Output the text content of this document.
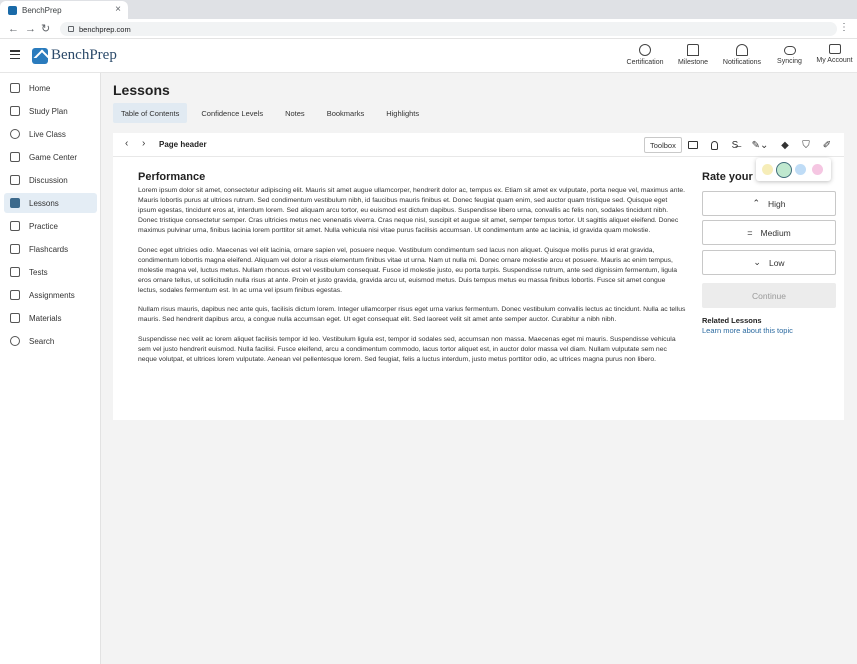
BenchPrep	×
← → ↻	benchprep.com	⋮
BenchPrep	Certification Milestone Notifications Syncing My Account
Home
Study Plan
Live Class
Game Center
Discussion
Lessons
Practice
Flashcards
Tests
Assignments
Materials
Search
Lessons
Table of Contents	Confidence Levels	Notes	Bookmarks	Highlights
‹ › Page header	Toolbox	S̶	✎⌄	◆	⛉	✐
Performance

Lorem ipsum dolor sit amet, consectetur adipiscing elit. Mauris sit amet augue ullamcorper, hendrerit dolor ac, tempus ex. Etiam sit amet ex vulputate, porta neque vel, maximus ante. Mauris lobortis purus at ultrices rutrum. Sed condimentum vestibulum nibh, id faucibus mauris finibus et. Donec feugiat quam enim, sed auctor quam tristique sed. Quisque eget ipsum egestas, tincidunt eros at, interdum lorem. Sed aliquam arcu tortor, eu euismod est dictum dapibus. Suspendisse libero urna, convallis ac felis non, sodales tincidunt nibh. Donec tristique consectetur semper. Cras ultricies metus nec venenatis viverra. Cras neque nisl, suscipit et augue sit amet, semper tempus tortor. Ut sagittis aliquet eleifend. Donec maximus pulvinar urna, finibus lacinia lorem porttitor sit amet. Nulla vehicula nisi vitae purus facilisis accumsan. Ut condimentum ante ac lacinia, id gravida quam molestie.

Donec eget ultricies odio. Maecenas vel elit lacinia, ornare sapien vel, posuere neque. Vestibulum condimentum sed lacus non aliquet. Quisque mollis purus id erat gravida, condimentum lobortis magna eleifend. Aliquam vel dolor a risus elementum finibus vitae ut urna. Nam ut nulla mi. Donec ornare molestie arcu et posuere. Mauris ac enim tempus, molestie magna vel, luctus metus. Nullam rhoncus est vel vestibulum consequat. Fusce id molestie justo, eu porta turpis. Suspendisse rutrum, ante sed dignissim fermentum, ligula eros ornare tellus, ut sollicitudin nulla risus at ante. Proin et justo gravida, gravida arcu ut, euismod metus. Duis tempus metus eu massa finibus lobortis. Fusce sit amet congue lectus, sodales fermentum est. In ac urna vel ipsum finibus egestas.

Nullam risus mauris, dapibus nec ante quis, facilisis dictum lorem. Integer ullamcorper risus eget urna varius fermentum. Donec vestibulum convallis lectus ac tincidunt. Nulla ac tellus mauris. Sed hendrerit dapibus arcu, a congue nulla accumsan eget. Ut eget consequat elit. Sed laoreet velit sit amet ante semper auctor. Curabitur a nibh nibh.

Suspendisse nec velit ac lorem aliquet facilisis tempor id leo. Vestibulum ligula est, tempor id sodales sed, accumsan non massa. Maecenas eget mi mauris. Suspendisse vehicula sem vel justo hendrerit euismod. Nulla facilisi. Fusce eleifend, arcu a condimentum commodo, lacus tortor aliquet est, in auctor dolor massa vel diam. Nullam vulputate sem nec neque volutpat, et ultrices lorem vulputate. Aenean vel pellentesque lorem. Sed feugiat, felis a luctus interdum, justo metus porttitor odio, ac ultrices magna purus non libero.

Rate your
⌃ High
= Medium
⌄ Low
Continue
Related Lessons
Learn more about this topic
